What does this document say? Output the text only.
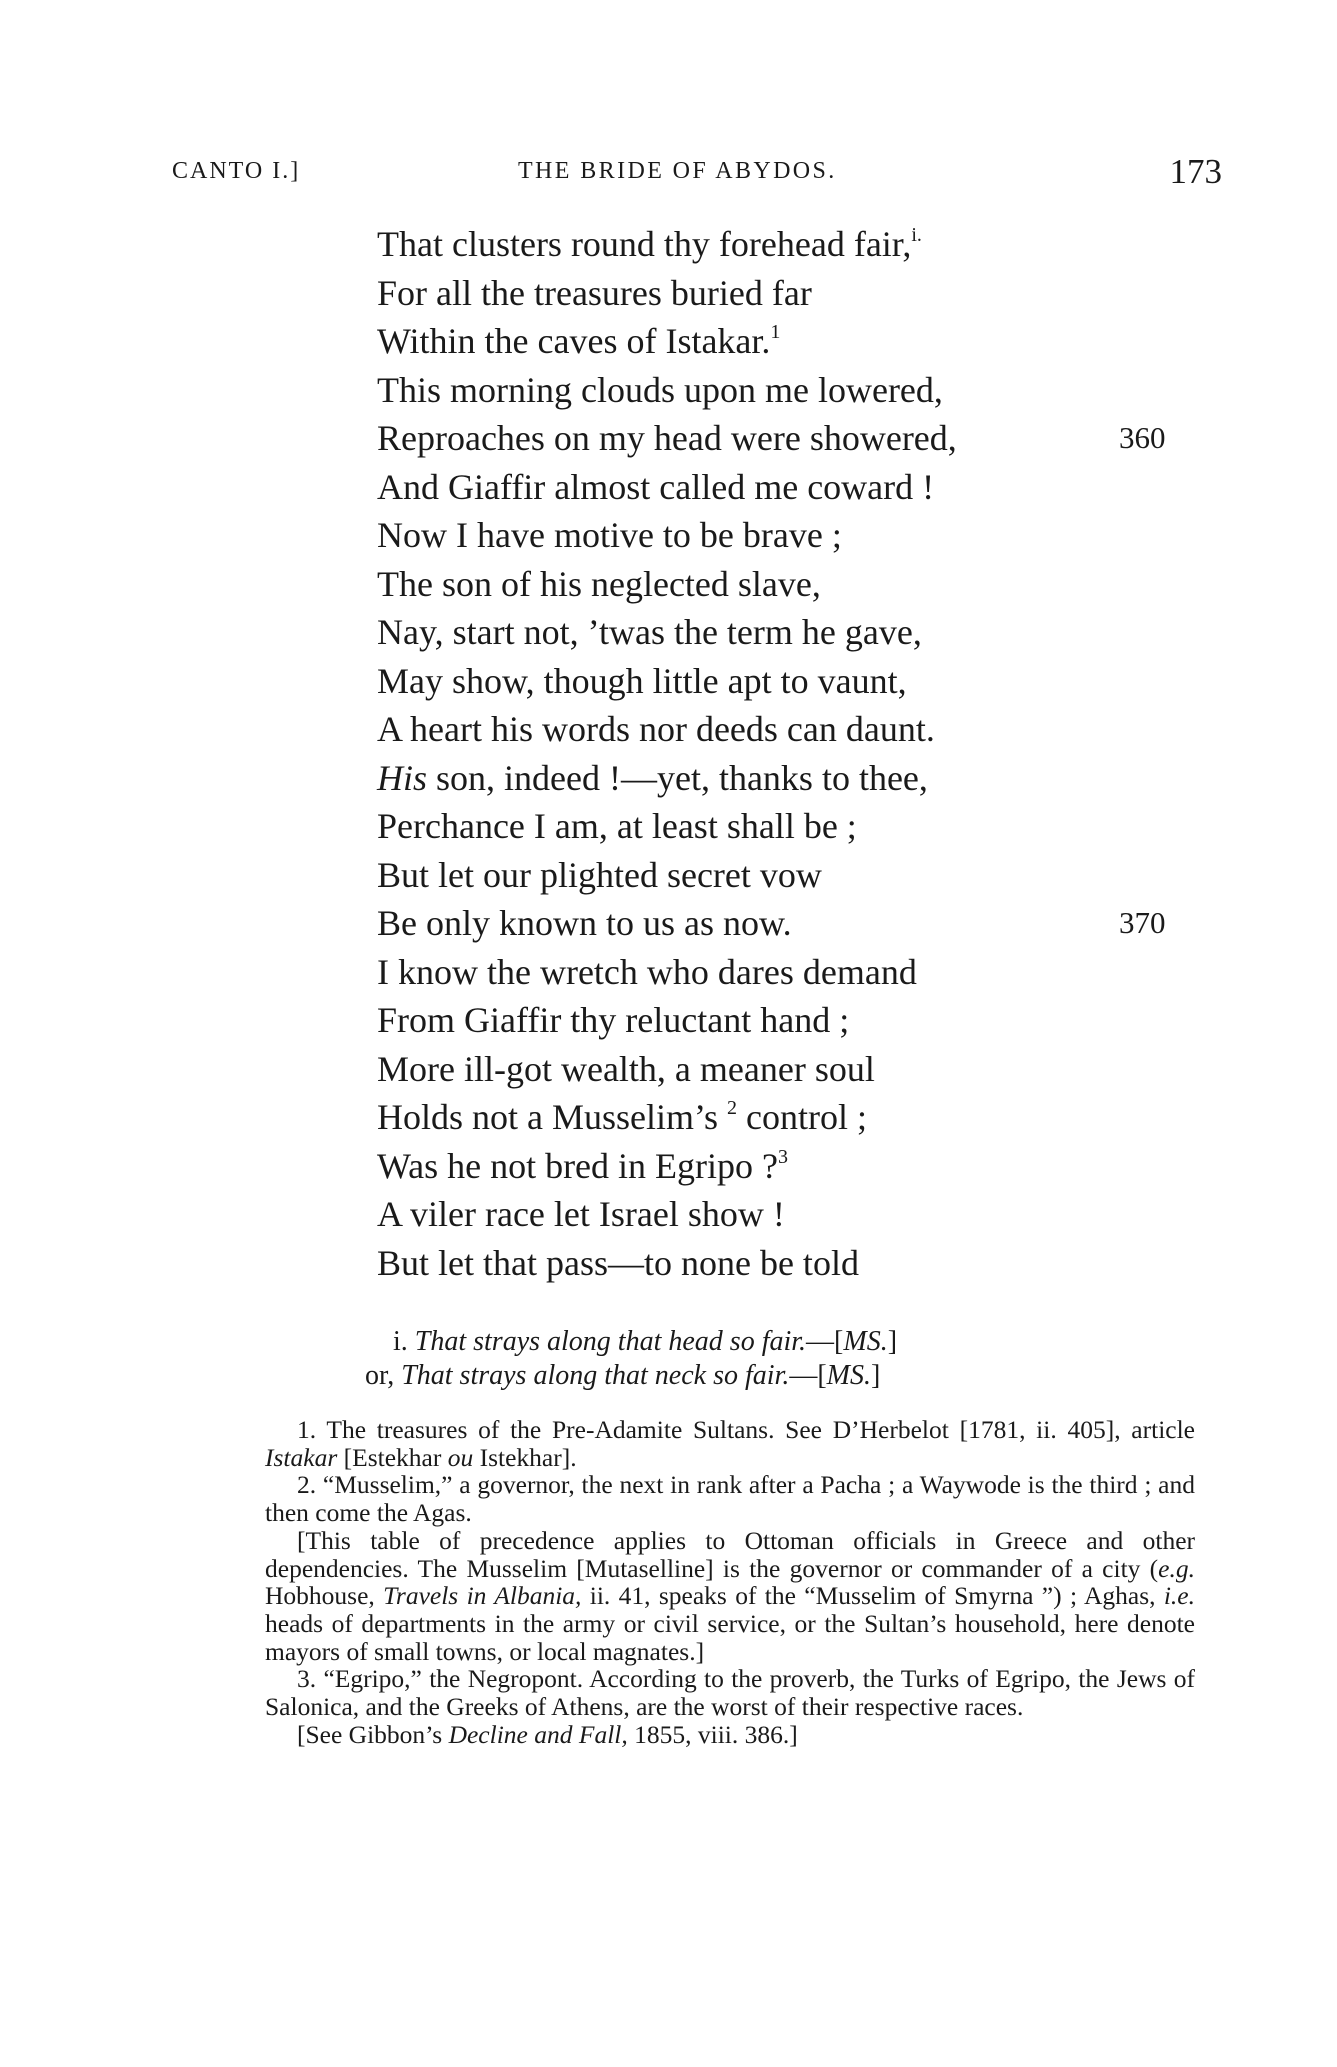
CANTO I.]	THE BRIDE OF ABYDOS.	173
That clusters round thy forehead fair,$^{i.}$
For all the treasures buried far
Within the caves of Istakar.$^1$
This morning clouds upon me lowered,
Reproaches on my head were showered,	360
And Giaffir almost called me coward !
Now I have motive to be brave ;
The son of his neglected slave,
Nay, start not, ’twas the term he gave,
May show, though little apt to vaunt,
A heart his words nor deeds can daunt.
His son, indeed !—yet, thanks to thee,
Perchance I am, at least shall be ;
But let our plighted secret vow
Be only known to us as now.	370
I know the wretch who dares demand
From Giaffir thy reluctant hand ;
More ill-got wealth, a meaner soul
Holds not a Musselim’s $^2$ control ;
Was he not bred in Egripo ?$^3$
A viler race let Israel show !
But let that pass—to none be told
i. That strays along that head so fair.—[MS.]
or, That strays along that neck so fair.—[MS.]

1. The treasures of the Pre-Adamite Sultans. See D’Herbelot [1781, ii. 405], article Istakar [Estekhar ou Istekhar].

2. “Musselim,” a governor, the next in rank after a Pacha ; a Waywode is the third ; and then come the Agas.

[This table of precedence applies to Ottoman officials in Greece and other dependencies. The Musselim [Mutaselline] is the governor or commander of a city (e.g. Hobhouse, Travels in Albania, ii. 41, speaks of the “Musselim of Smyrna ”) ; Aghas, i.e. heads of departments in the army or civil service, or the Sultan’s household, here denote mayors of small towns, or local magnates.]

3. “Egripo,” the Negropont. According to the proverb, the Turks of Egripo, the Jews of Salonica, and the Greeks of Athens, are the worst of their respective races.

[See Gibbon’s Decline and Fall, 1855, viii. 386.]
